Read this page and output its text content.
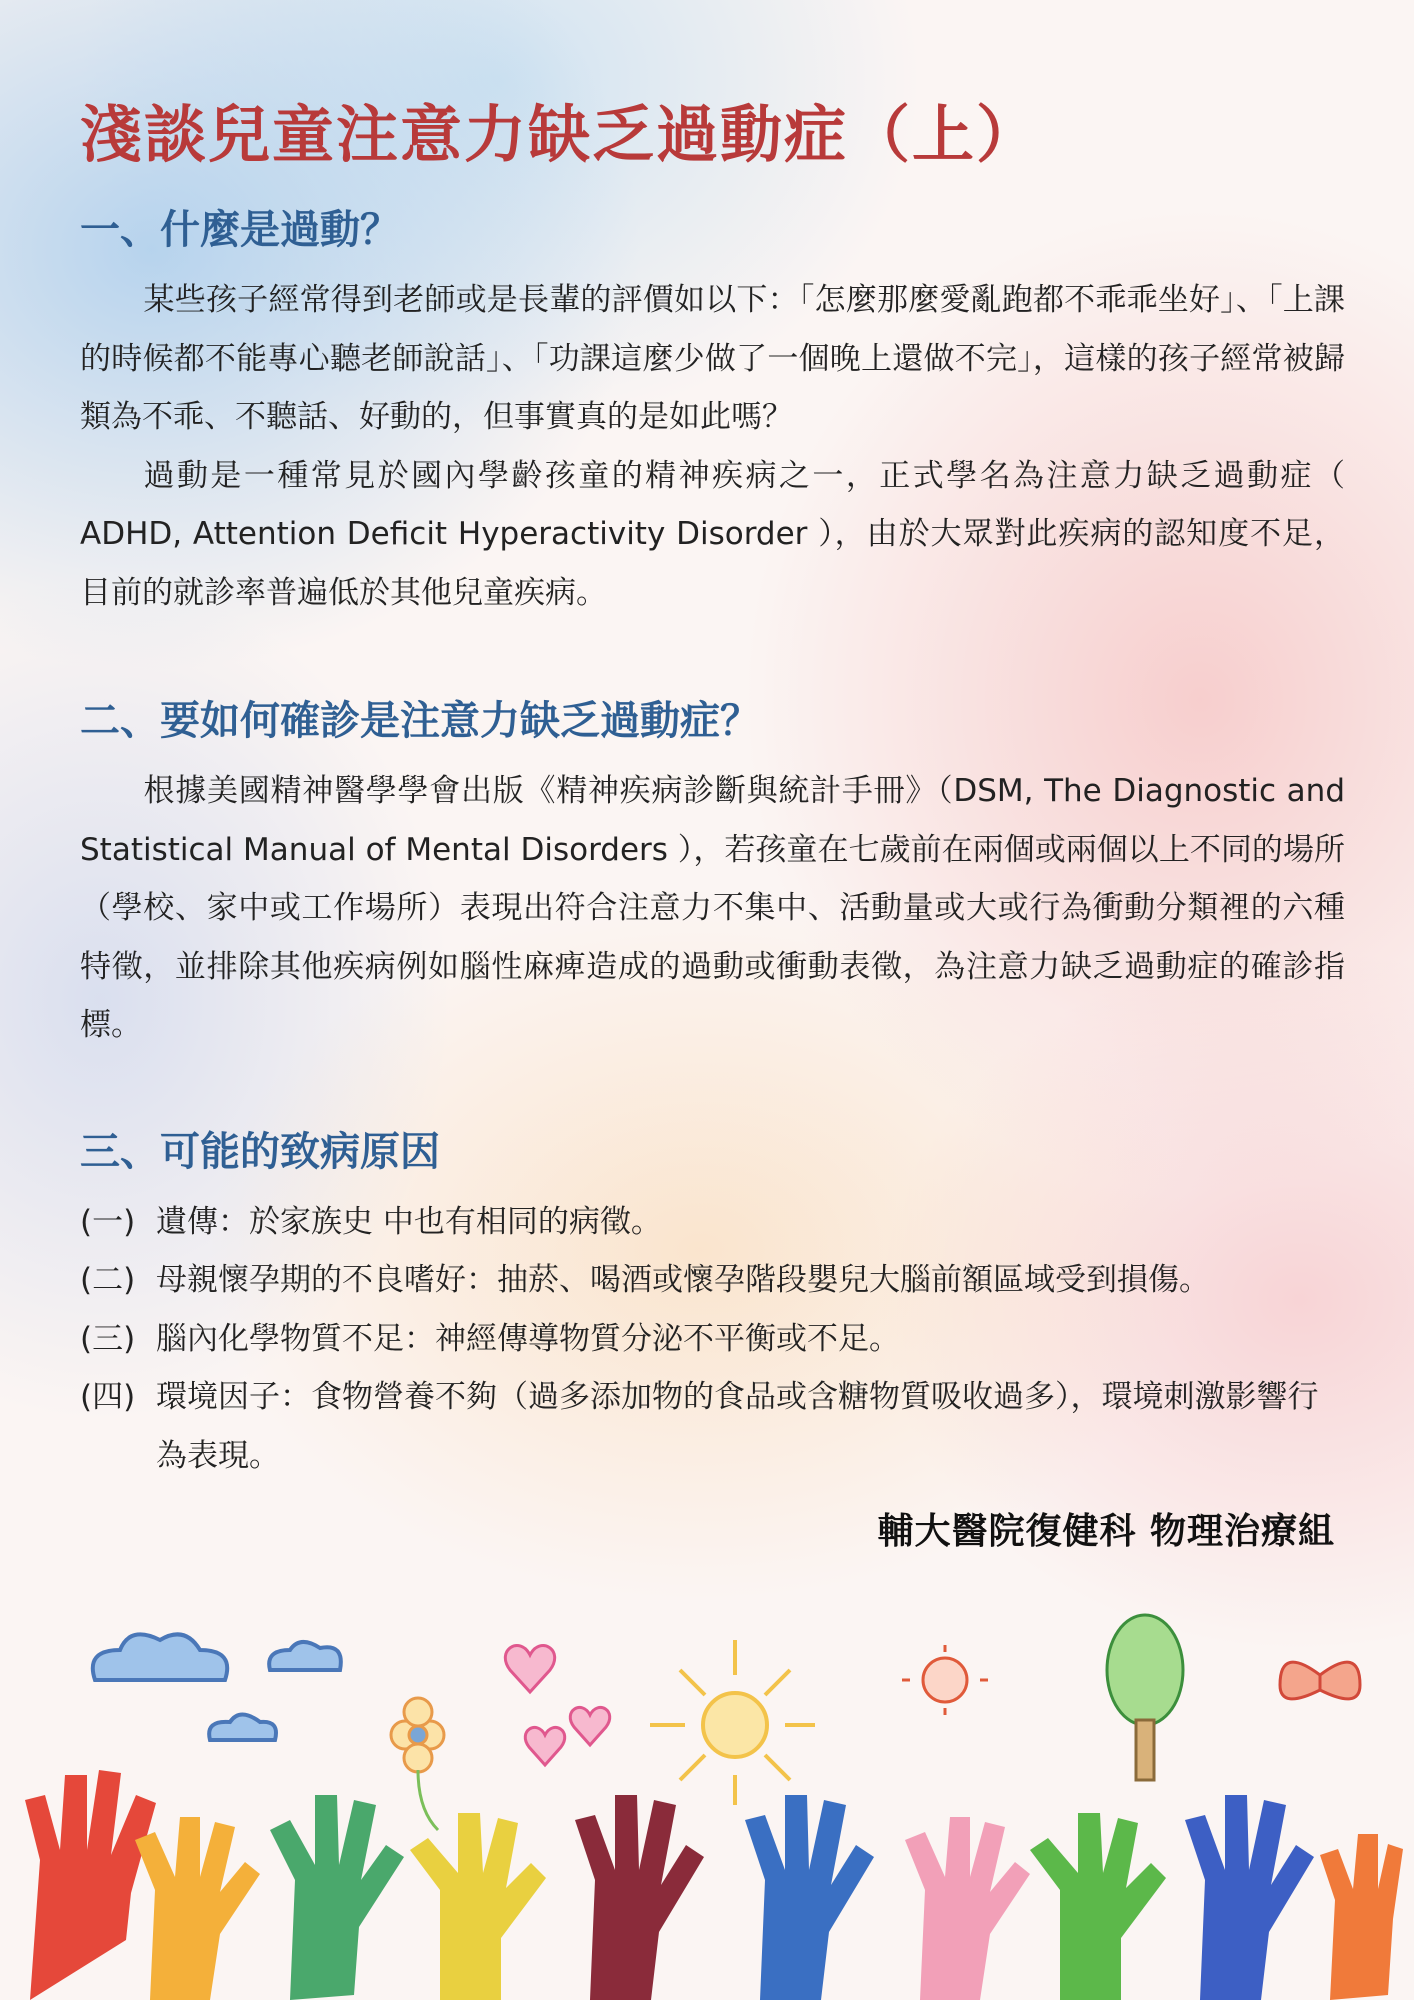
淺談兒童注意力缺乏過動症（上）
一、什麼是過動？

某些孩子經常得到老師或是長輩的評價如以下：「怎麼那麼愛亂跑都不乖乖坐好」、「上課的時候都不能專心聽老師說話」、「功課這麼少做了一個晚上還做不完」，這樣的孩子經常被歸類為不乖、不聽話、好動的，但事實真的是如此嗎？

過動是一種常見於國內學齡孩童的精神疾病之一，正式學名為注意力缺乏過動症（ ADHD, Attention Deficit Hyperactivity Disorder ），由於大眾對此疾病的認知度不足，目前的就診率普遍低於其他兒童疾病。

二、要如何確診是注意力缺乏過動症？

根據美國精神醫學學會出版《精神疾病診斷與統計手冊》（DSM, The Diagnostic and Statistical Manual of Mental Disorders ），若孩童在七歲前在兩個或兩個以上不同的場所（學校、家中或工作場所）表現出符合注意力不集中、活動量或大或行為衝動分類裡的六種特徵，並排除其他疾病例如腦性麻痺造成的過動或衝動表徵，為注意力缺乏過動症的確診指標。

三、可能的致病原因
(一) 遺傳：於家族史 中也有相同的病徵。
(二) 母親懷孕期的不良嗜好：抽菸、喝酒或懷孕階段嬰兒大腦前額區域受到損傷。
(三) 腦內化學物質不足：神經傳導物質分泌不平衡或不足。
(四) 環境因子：食物營養不夠（過多添加物的食品或含糖物質吸收過多），環境刺激影響行為表現。
輔大醫院復健科 物理治療組
